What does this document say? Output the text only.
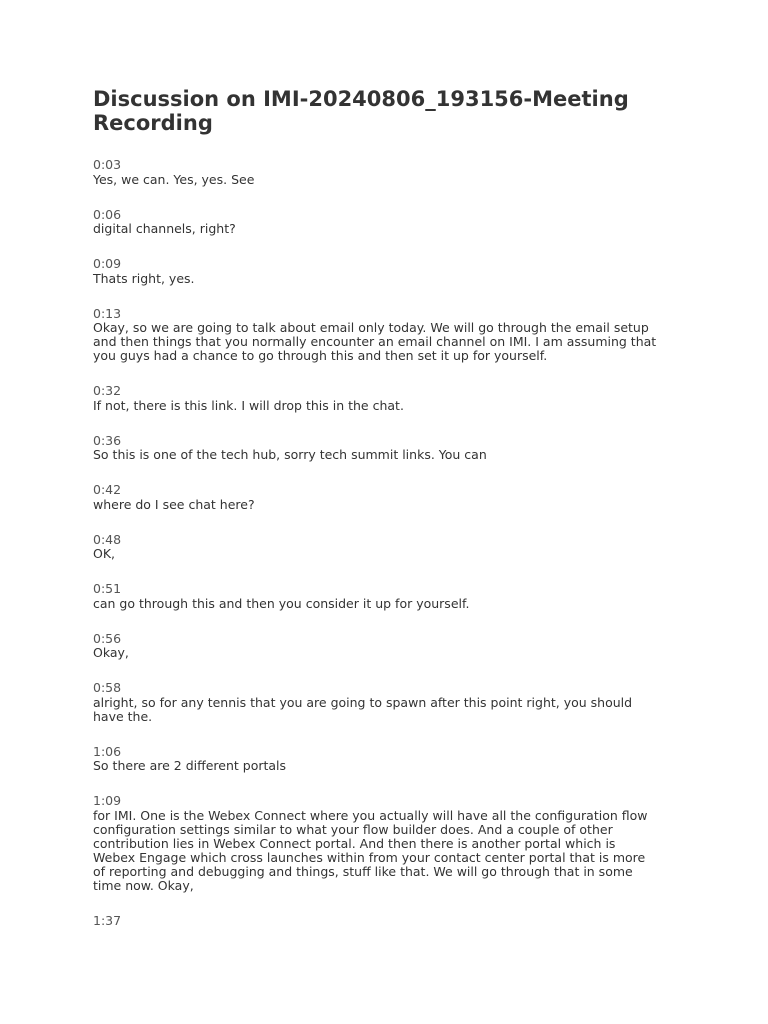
Discussion on IMI-20240806_193156-Meeting
Recording
0:03
Yes, we can. Yes, yes. See
0:06
digital channels, right?
0:09
Thats right, yes.
0:13
Okay, so we are going to talk about email only today. We will go through the email setup
and then things that you normally encounter an email channel on IMI. I am assuming that
you guys had a chance to go through this and then set it up for yourself.
0:32
If not, there is this link. I will drop this in the chat.
0:36
So this is one of the tech hub, sorry tech summit links. You can
0:42
where do I see chat here?
0:48
OK,
0:51
can go through this and then you consider it up for yourself.
0:56
Okay,
0:58
alright, so for any tennis that you are going to spawn after this point right, you should
have the.
1:06
So there are 2 different portals
1:09
for IMI. One is the Webex Connect where you actually will have all the configuration flow
configuration settings similar to what your flow builder does. And a couple of other
contribution lies in Webex Connect portal. And then there is another portal which is
Webex Engage which cross launches within from your contact center portal that is more
of reporting and debugging and things, stuff like that. We will go through that in some
time now. Okay,
1:37
